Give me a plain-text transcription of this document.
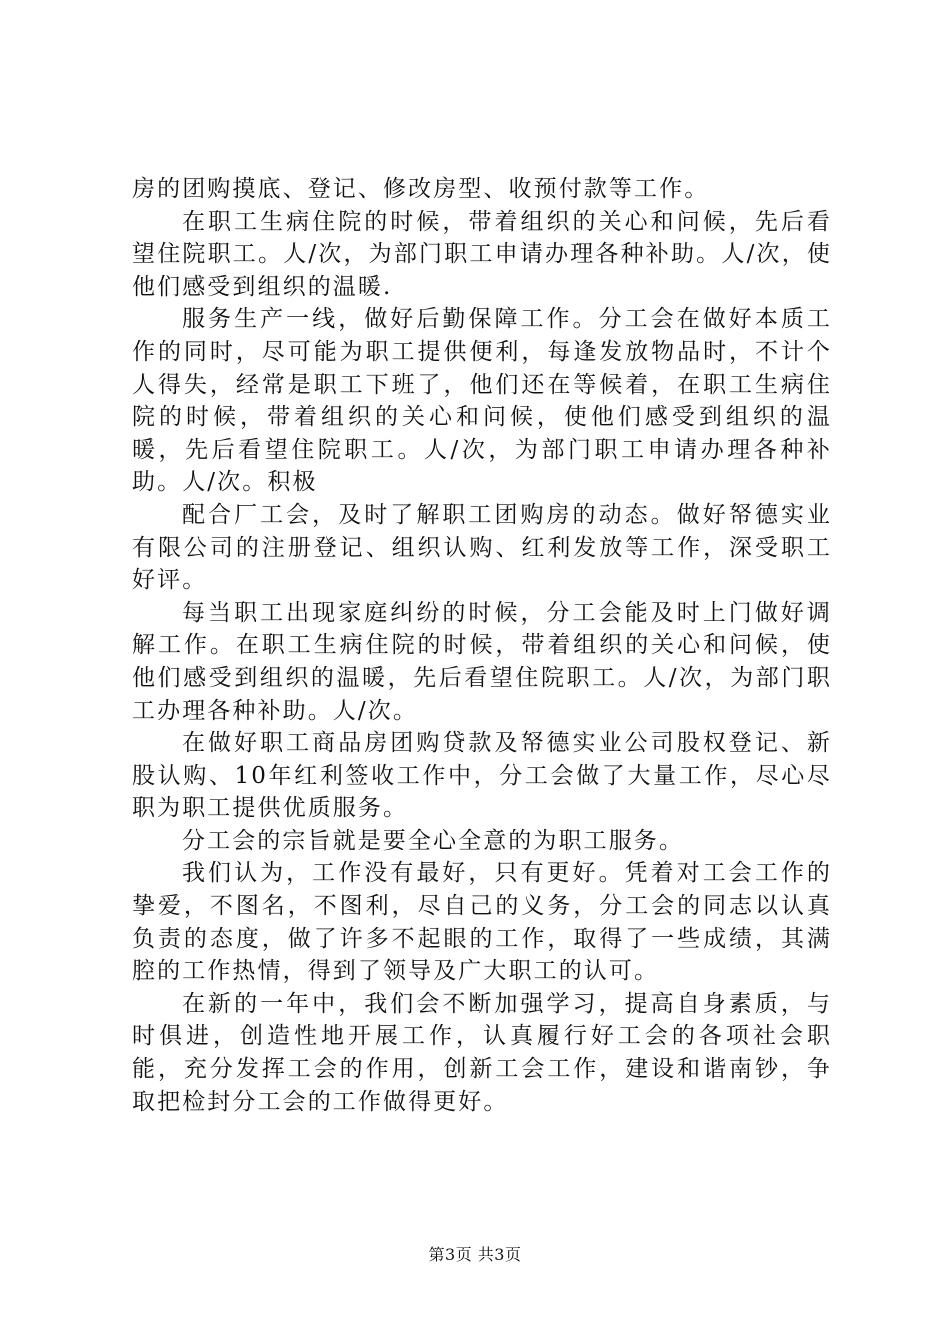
房的团购摸底、登记、修改房型、收预付款等工作。

在职工生病住院的时候，带着组织的关心和问候，先后看望住院职工。人/次，为部门职工申请办理各种补助。人/次，使他们感受到组织的温暖.

服务生产一线，做好后勤保障工作。分工会在做好本质工作的同时，尽可能为职工提供便利，每逢发放物品时，不计个人得失，经常是职工下班了，他们还在等候着，在职工生病住院的时候，带着组织的关心和问候，使他们感受到组织的温暖，先后看望住院职工。人/次，为部门职工申请办理各种补助。人/次。积极

配合厂工会，及时了解职工团购房的动态。做好帑德实业有限公司的注册登记、组织认购、红利发放等工作，深受职工好评。

每当职工出现家庭纠纷的时候，分工会能及时上门做好调解工作。在职工生病住院的时候，带着组织的关心和问候，使他们感受到组织的温暖，先后看望住院职工。人/次，为部门职工办理各种补助。人/次。

在做好职工商品房团购贷款及帑德实业公司股权登记、新股认购、10年红利签收工作中，分工会做了大量工作，尽心尽职为职工提供优质服务。

分工会的宗旨就是要全心全意的为职工服务。

我们认为，工作没有最好，只有更好。凭着对工会工作的挚爱，不图名，不图利，尽自己的义务，分工会的同志以认真负责的态度，做了许多不起眼的工作，取得了一些成绩，其满腔的工作热情，得到了领导及广大职工的认可。

在新的一年中，我们会不断加强学习，提高自身素质，与时俱进，创造性地开展工作，认真履行好工会的各项社会职能，充分发挥工会的作用，创新工会工作，建设和谐南钞，争取把检封分工会的工作做得更好。

第3页 共3页
